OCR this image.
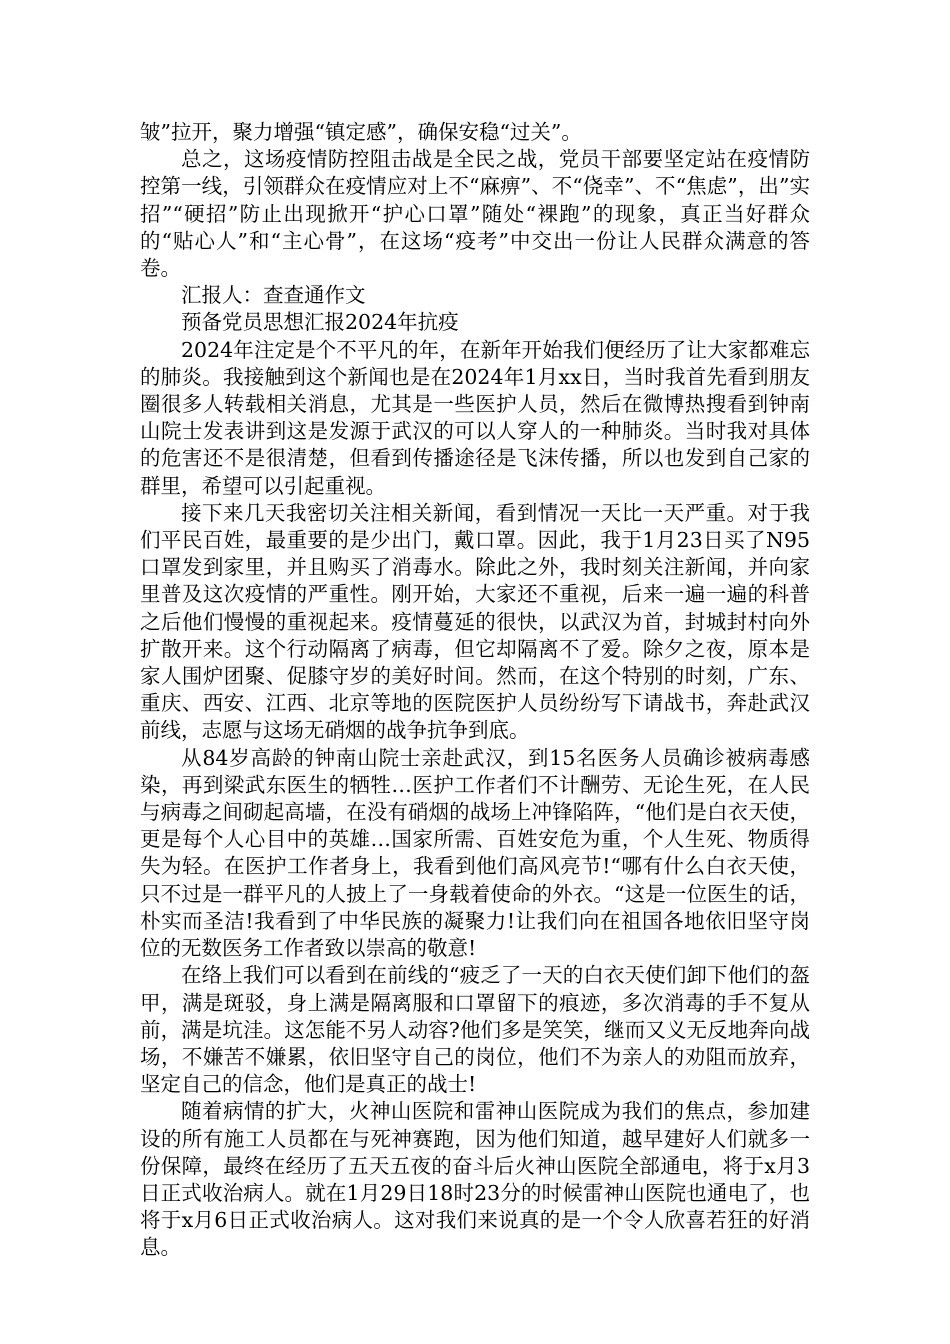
皱”拉开，聚力增强“镇定感”，确保安稳“过关”。

总之，这场疫情防控阻击战是全民之战，党员干部要坚定站在疫情防控第一线，引领群众在疫情应对上不“麻痹”、不“侥幸”、不“焦虑”，出”实招”“硬招”防止出现掀开“护心口罩”随处“裸跑”的现象，真正当好群众的“贴心人”和“主心骨”，在这场“疫考”中交出一份让人民群众满意的答卷。

汇报人：查查通作文

预备党员思想汇报2024年抗疫

2024年注定是个不平凡的年，在新年开始我们便经历了让大家都难忘的肺炎。我接触到这个新闻也是在2024年1月xx日，当时我首先看到朋友圈很多人转载相关消息，尤其是一些医护人员，然后在微博热搜看到钟南山院士发表讲到这是发源于武汉的可以人穿人的一种肺炎。当时我对具体的危害还不是很清楚，但看到传播途径是飞沫传播，所以也发到自己家的群里，希望可以引起重视。

接下来几天我密切关注相关新闻，看到情况一天比一天严重。对于我们平民百姓，最重要的是少出门，戴口罩。因此，我于1月23日买了N95口罩发到家里，并且购买了消毒水。除此之外，我时刻关注新闻，并向家里普及这次疫情的严重性。刚开始，大家还不重视，后来一遍一遍的科普之后他们慢慢的重视起来。疫情蔓延的很快，以武汉为首，封城封村向外扩散开来。这个行动隔离了病毒，但它却隔离不了爱。除夕之夜，原本是家人围炉团聚、促膝守岁的美好时间。然而，在这个特别的时刻，广东、重庆、西安、江西、北京等地的医院医护人员纷纷写下请战书，奔赴武汉前线，志愿与这场无硝烟的战争抗争到底。

从84岁高龄的钟南山院士亲赴武汉，到15名医务人员确诊被病毒感染，再到梁武东医生的牺牲…医护工作者们不计酬劳、无论生死，在人民与病毒之间砌起高墙，在没有硝烟的战场上冲锋陷阵，“他们是白衣天使，更是每个人心目中的英雄…国家所需、百姓安危为重，个人生死、物质得失为轻。在医护工作者身上，我看到他们高风亮节!“哪有什么白衣天使，只不过是一群平凡的人披上了一身载着使命的外衣。“这是一位医生的话，朴实而圣洁!我看到了中华民族的凝聚力!让我们向在祖国各地依旧坚守岗位的无数医务工作者致以崇高的敬意!

在络上我们可以看到在前线的“疲乏了一天的白衣天使们卸下他们的盔甲，满是斑驳，身上满是隔离服和口罩留下的痕迹，多次消毒的手不复从前，满是坑洼。这怎能不另人动容?他们多是笑笑，继而又义无反地奔向战场，不嫌苦不嫌累，依旧坚守自己的岗位，他们不为亲人的劝阻而放弃，坚定自己的信念，他们是真正的战士!

随着病情的扩大，火神山医院和雷神山医院成为我们的焦点，参加建设的所有施工人员都在与死神赛跑，因为他们知道，越早建好人们就多一份保障，最终在经历了五天五夜的奋斗后火神山医院全部通电，将于x月3日正式收治病人。就在1月29日18时23分的时候雷神山医院也通电了，也将于x月6日正式收治病人。这对我们来说真的是一个令人欣喜若狂的好消息。
